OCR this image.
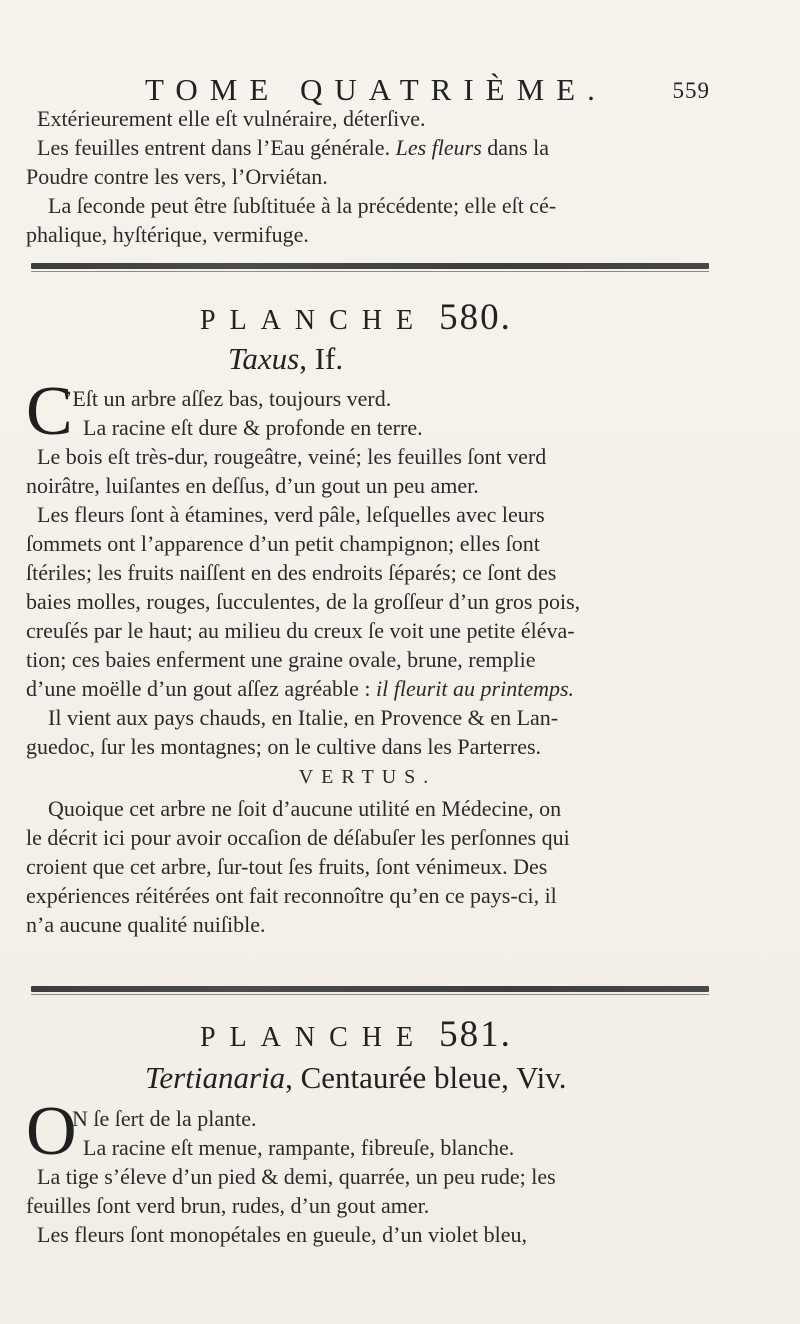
TOME QUATRIÈME.	559

Extérieurement elle eſt vulnéraire, déterſive.

Les feuilles entrent dans l’Eau générale. Les fleurs dans la

Poudre contre les vers, l’Orviétan.

La ſeconde peut être ſubſtituée à la précédente; elle eſt cé-

phalique, hyſtérique, vermifuge.

PLANCHE 580.
Taxus, If.

C
’Eſt un arbre aſſez bas, toujours verd.

La racine eſt dure & profonde en terre.

Le bois eſt très-dur, rougeâtre, veiné; les feuilles ſont verd

noirâtre, luiſantes en deſſus, d’un gout un peu amer.

Les fleurs ſont à étamines, verd pâle, leſquelles avec leurs

ſommets ont l’apparence d’un petit champignon; elles ſont

ſtériles; les fruits naiſſent en des endroits ſéparés; ce ſont des

baies molles, rouges, ſucculentes, de la groſſeur d’un gros pois,

creuſés par le haut; au milieu du creux ſe voit une petite éléva-

tion; ces baies enferment une graine ovale, brune, remplie

d’une moëlle d’un gout aſſez agréable : il fleurit au printemps.

Il vient aux pays chauds, en Italie, en Provence & en Lan-

guedoc, ſur les montagnes; on le cultive dans les Parterres.

VERTUS.

Quoique cet arbre ne ſoit d’aucune utilité en Médecine, on

le décrit ici pour avoir occaſion de déſabuſer les perſonnes qui

croient que cet arbre, ſur-tout ſes fruits, ſont vénimeux. Des

expériences réitérées ont fait reconnoître qu’en ce pays-ci, il

n’a aucune qualité nuiſible.

PLANCHE 581.
Tertianaria, Centaurée bleue, Viv.

O
N ſe ſert de la plante.

La racine eſt menue, rampante, fibreuſe, blanche.

La tige s’éleve d’un pied & demi, quarrée, un peu rude; les

feuilles ſont verd brun, rudes, d’un gout amer.

Les fleurs ſont monopétales en gueule, d’un violet bleu,
